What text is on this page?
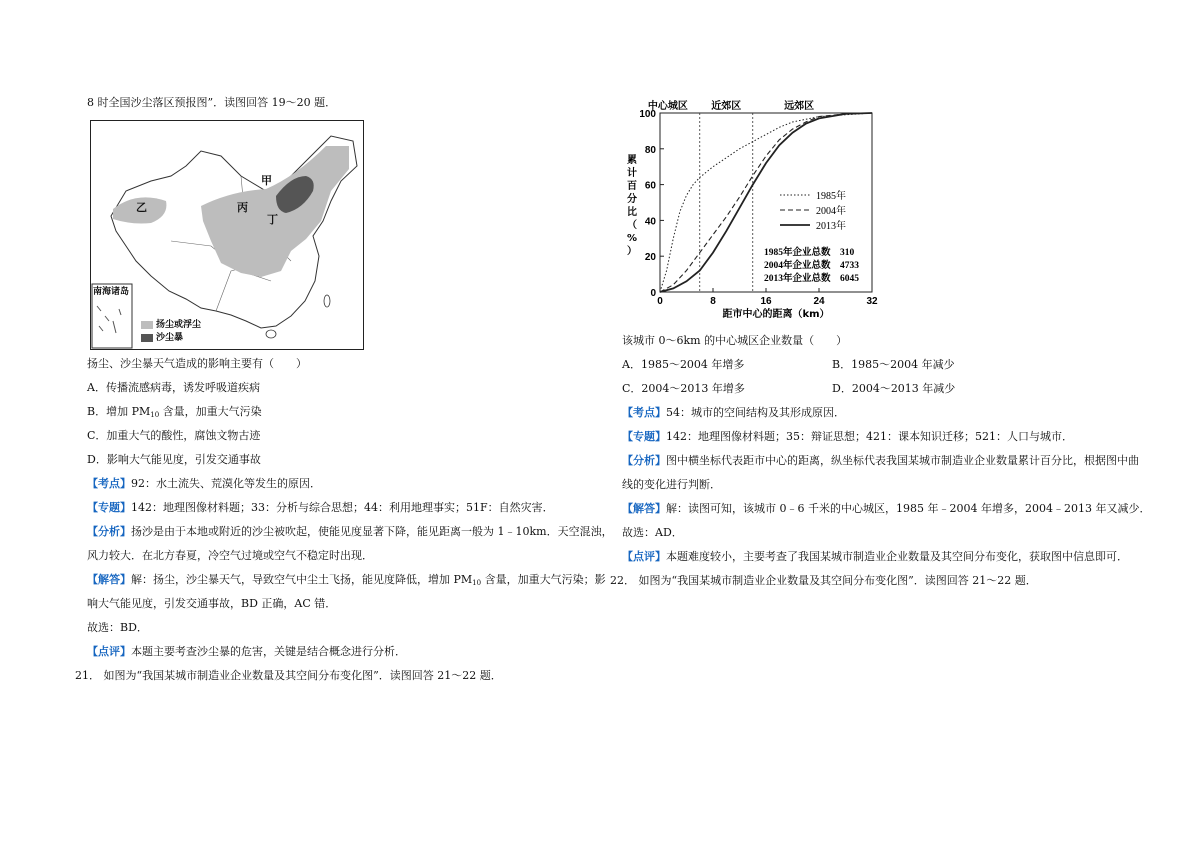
8 时全国沙尘落区预报图”．读图回答 19～20 题．
甲
乙	丙
丁
南海诸岛
扬尘或浮尘
沙尘暴
扬尘、沙尘暴天气造成的影响主要有（　　）
A．传播流感病毒，诱发呼吸道疾病
B．增加 $PM_{10}$ 含量，加重大气污染
C．加重大气的酸性，腐蚀文物古迹
D．影响大气能见度，引发交通事故
【考点】92：水土流失、荒漠化等发生的原因．
【专题】142：地理图像材料题；33：分析与综合思想；44：利用地理事实；51F：自然灾害．
【分析】扬沙是由于本地或附近的沙尘被吹起，使能见度显著下降，能见距离一般为 1﹣10km．天空混浊，
风力较大．在北方春夏，冷空气过境或空气不稳定时出现．
【解答】解：扬尘，沙尘暴天气，导致空气中尘土飞扬，能见度降低，增加 $PM_{10}$ 含量，加重大气污染；影
响大气能见度，引发交通事故，BD 正确，AC 错．
故选：BD．
【点评】本题主要考查沙尘暴的危害，关键是结合概念进行分析．
21． 如图为“我国某城市制造业企业数量及其空间分布变化图”．读图回答 21～22 题．
中心城区 近郊区	远郊区
0
20
40
60
80
100
0	8	16	24	32
累
计
百
分
比
（
%
）
距市中心的距离（km）
1985年
2004年
2013年
1985年企业总数　310
2004年企业总数　4733
2013年企业总数　6045
该城市 0～6km 的中心城区企业数量（　　）
A．1985～2004 年增多	B．1985～2004 年减少
C．2004～2013 年增多	D．2004～2013 年减少
【考点】54：城市的空间结构及其形成原因．
【专题】142：地理图像材料题；35：辩证思想；421：课本知识迁移；521：人口与城市．
【分析】图中横坐标代表距市中心的距离，纵坐标代表我国某城市制造业企业数量累计百分比，根据图中曲
线的变化进行判断．
【解答】解：读图可知，该城市 0﹣6 千米的中心城区，1985 年﹣2004 年增多，2004﹣2013 年又减少．
故选：AD．
【点评】本题难度较小，主要考查了我国某城市制造业企业数量及其空间分布变化，获取图中信息即可．
22． 如图为“我国某城市制造业企业数量及其空间分布变化图”．读图回答 21～22 题．
